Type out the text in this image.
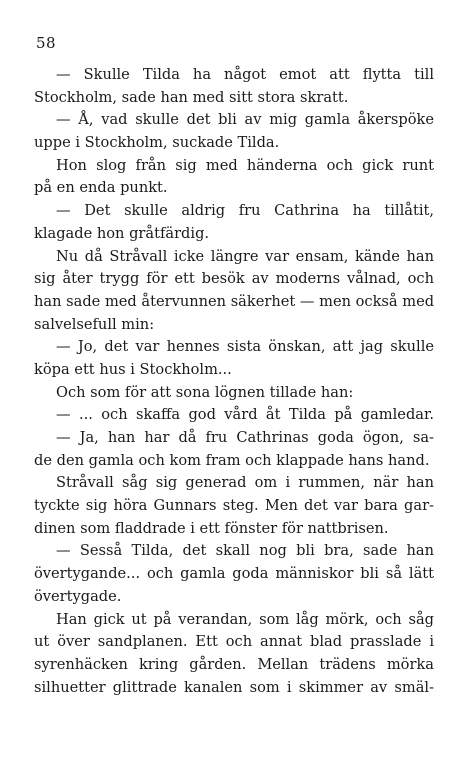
58
— Skulle Tilda ha något emot att flytta till
Stockholm, sade han med sitt stora skratt.
— Å, vad skulle det bli av mig gamla åkerspöke
uppe i Stockholm, suckade Tilda.
Hon slog från sig med händerna och gick runt
på en enda punkt.
— Det skulle aldrig fru Cathrina ha tillåtit,
klagade hon gråtfärdig.
Nu då Stråvall icke längre var ensam, kände han
sig åter trygg för ett besök av moderns vålnad, och
han sade med återvunnen säkerhet — men också med
salvelsefull min:
— Jo, det var hennes sista önskan, att jag skulle
köpa ett hus i Stockholm...
Och som för att sona lögnen tillade han:
— ... och skaffa god vård åt Tilda på gamledar.
— Ja, han har då fru Cathrinas goda ögon, sa-
de den gamla och kom fram och klappade hans hand.
Stråvall såg sig generad om i rummen, när han
tyckte sig höra Gunnars steg. Men det var bara gar-
dinen som fladdrade i ett fönster för nattbrisen.
— Sesså Tilda, det skall nog bli bra, sade han
övertygande... och gamla goda människor bli så lätt
övertygade.
Han gick ut på verandan, som låg mörk, och såg
ut över sandplanen. Ett och annat blad prasslade i
syrenhäcken kring gården. Mellan trädens mörka
silhuetter glittrade kanalen som i skimmer av smäl-
